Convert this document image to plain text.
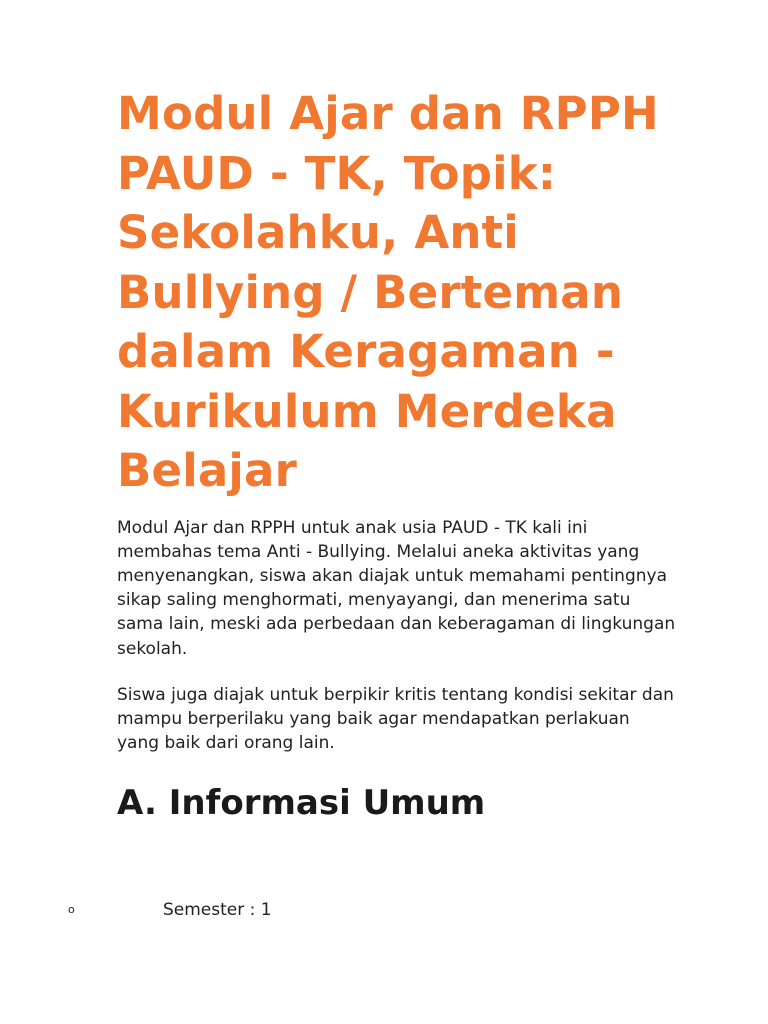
Modul Ajar dan RPPH PAUD - TK, Topik: Sekolahku, Anti Bullying / Berteman dalam Keragaman - Kurikulum Merdeka Belajar

Modul Ajar dan RPPH untuk anak usia PAUD - TK kali ini membahas tema Anti - Bullying. Melalui aneka aktivitas yang menyenangkan, siswa akan diajak untuk memahami pentingnya sikap saling menghormati, menyayangi, dan menerima satu sama lain, meski ada perbedaan dan keberagaman di lingkungan sekolah.

Siswa juga diajak untuk berpikir kritis tentang kondisi sekitar dan mampu berperilaku yang baik agar mendapatkan perlakuan yang baik dari orang lain.

A. Informasi Umum
o	Semester : 1
